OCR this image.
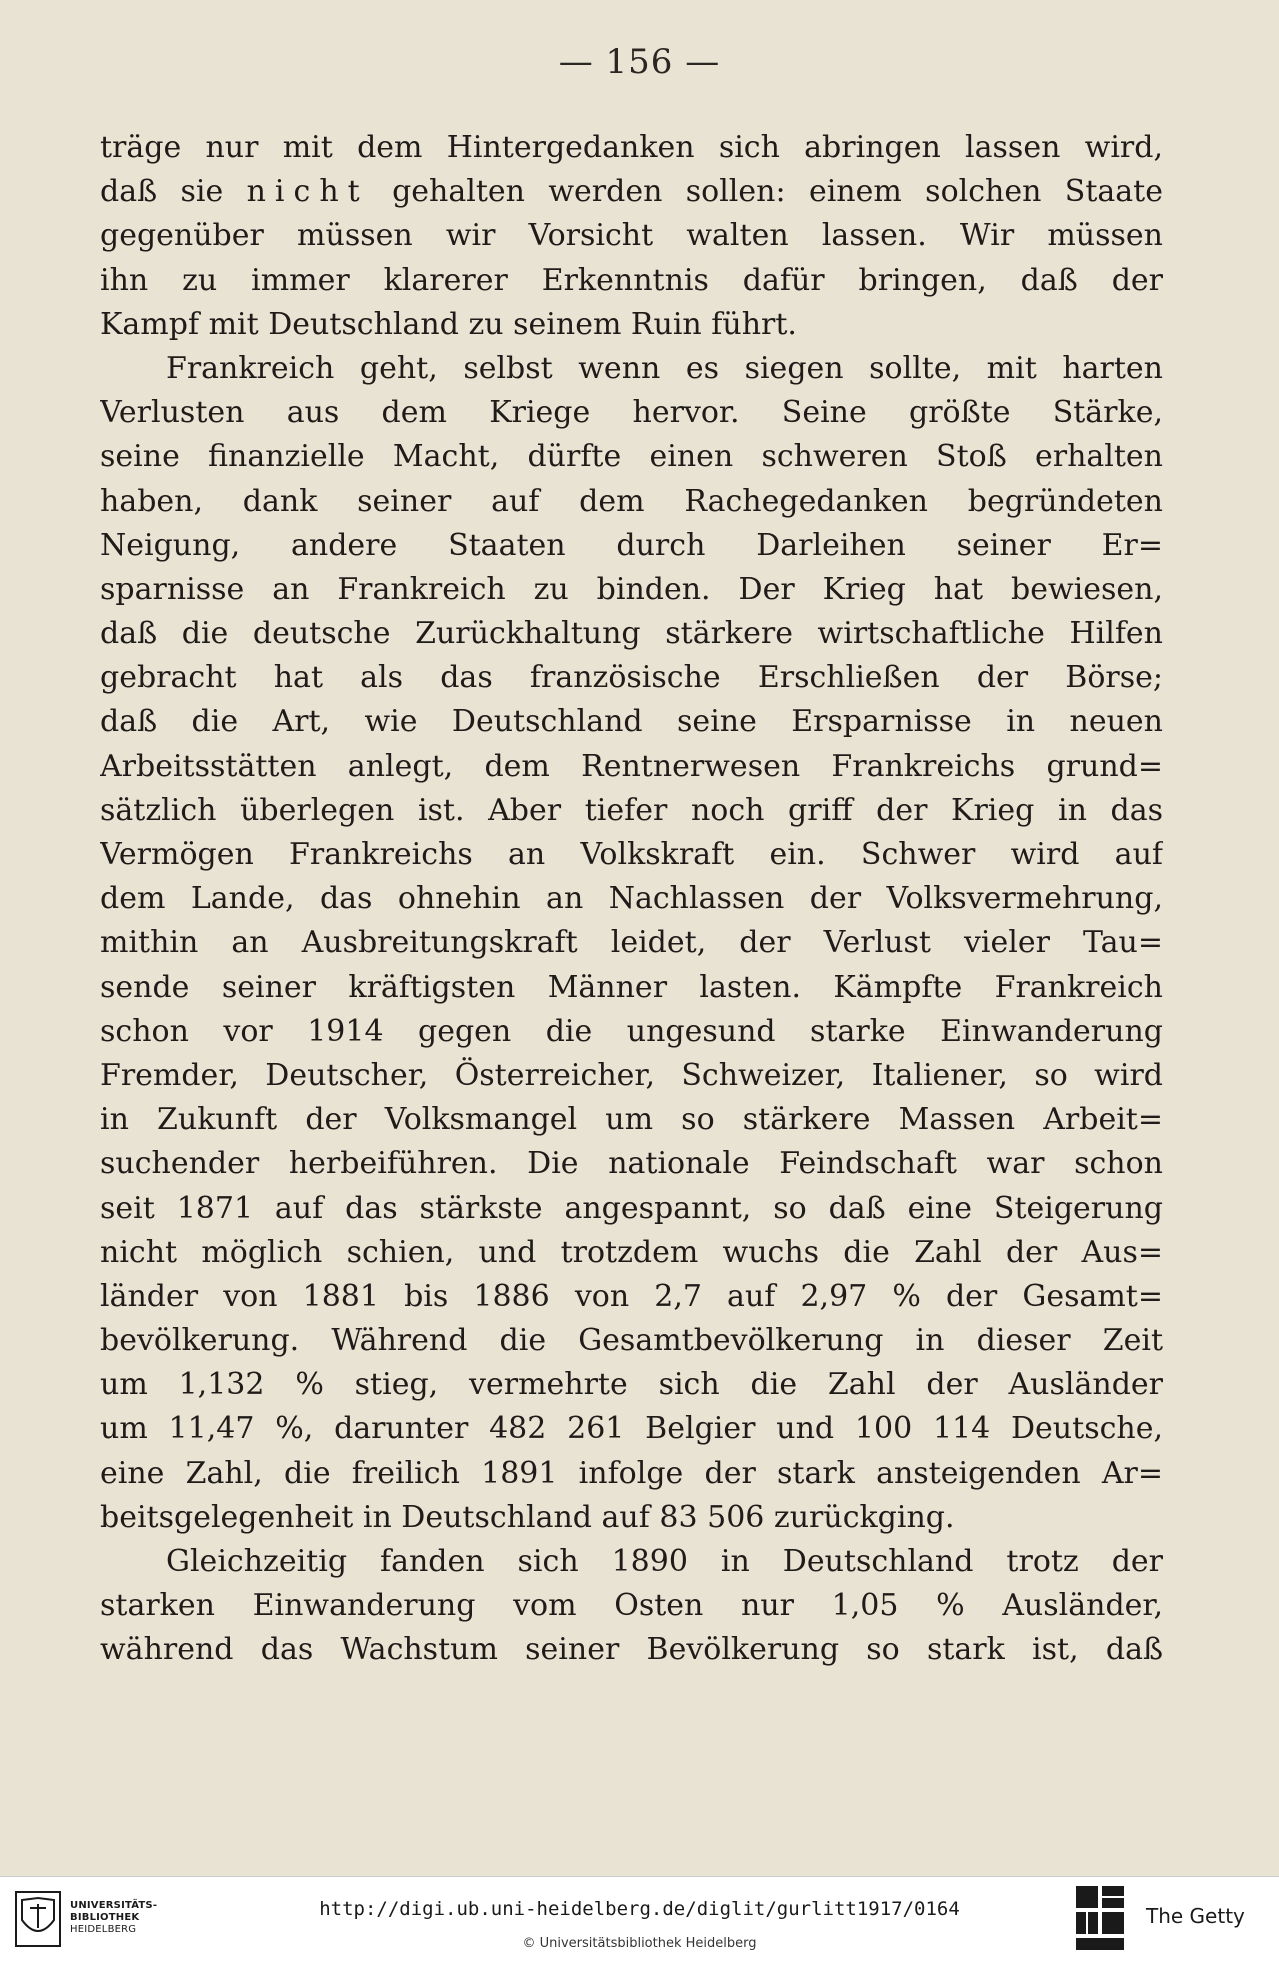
— 156 —
träge nur mit dem Hintergedanken sich abringen lassen wird,
daß sie nicht gehalten werden sollen: einem solchen Staate
gegenüber müssen wir Vorsicht walten lassen. Wir müssen
ihn zu immer klarerer Erkenntnis dafür bringen, daß der
Kampf mit Deutschland zu seinem Ruin führt.
Frankreich geht, selbst wenn es siegen sollte, mit harten
Verlusten aus dem Kriege hervor. Seine größte Stärke,
seine finanzielle Macht, dürfte einen schweren Stoß erhalten
haben, dank seiner auf dem Rachegedanken begründeten
Neigung, andere Staaten durch Darleihen seiner Er=
sparnisse an Frankreich zu binden. Der Krieg hat bewiesen,
daß die deutsche Zurückhaltung stärkere wirtschaftliche Hilfen
gebracht hat als das französische Erschließen der Börse;
daß die Art, wie Deutschland seine Ersparnisse in neuen
Arbeitsstätten anlegt, dem Rentnerwesen Frankreichs grund=
sätzlich überlegen ist. Aber tiefer noch griff der Krieg in das
Vermögen Frankreichs an Volkskraft ein. Schwer wird auf
dem Lande, das ohnehin an Nachlassen der Volksvermehrung,
mithin an Ausbreitungskraft leidet, der Verlust vieler Tau=
sende seiner kräftigsten Männer lasten. Kämpfte Frankreich
schon vor 1914 gegen die ungesund starke Einwanderung
Fremder, Deutscher, Österreicher, Schweizer, Italiener, so wird
in Zukunft der Volksmangel um so stärkere Massen Arbeit=
suchender herbeiführen. Die nationale Feindschaft war schon
seit 1871 auf das stärkste angespannt, so daß eine Steigerung
nicht möglich schien, und trotzdem wuchs die Zahl der Aus=
länder von 1881 bis 1886 von 2,7 auf 2,97 % der Gesamt=
bevölkerung. Während die Gesamtbevölkerung in dieser Zeit
um 1,132 % stieg, vermehrte sich die Zahl der Ausländer
um 11,47 %, darunter 482 261 Belgier und 100 114 Deutsche,
eine Zahl, die freilich 1891 infolge der stark ansteigenden Ar=
beitsgelegenheit in Deutschland auf 83 506 zurückging.
Gleichzeitig fanden sich 1890 in Deutschland trotz der
starken Einwanderung vom Osten nur 1,05 % Ausländer,
während das Wachstum seiner Bevölkerung so stark ist, daß
UNIVERSITÄTS-
BIBLIOTHEK
HEIDELBERG
http://digi.ub.uni-heidelberg.de/diglit/gurlitt1917/0164
© Universitätsbibliothek Heidelberg
The Getty
